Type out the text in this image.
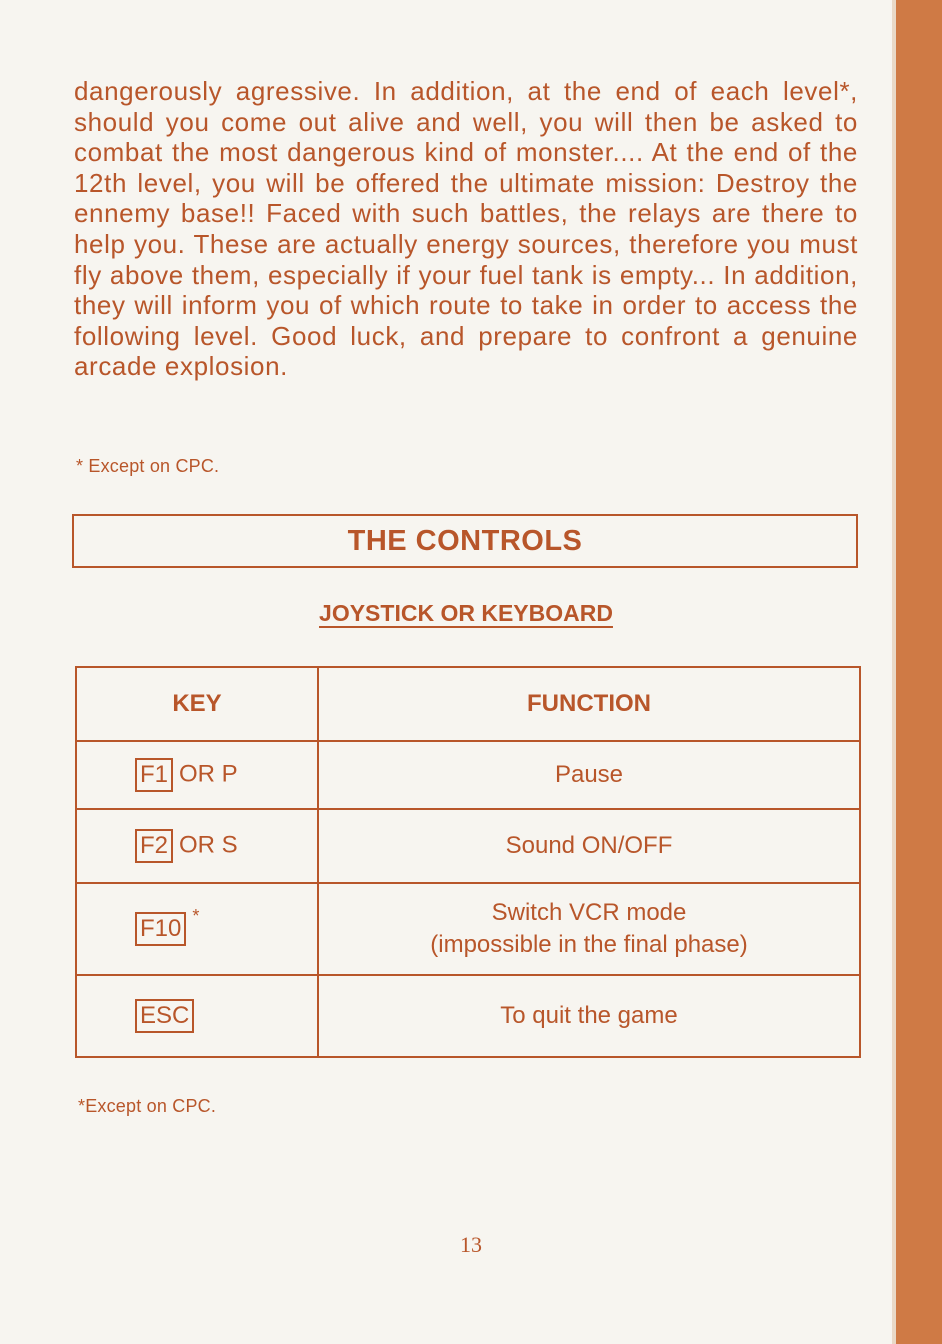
dangerously agressive. In addition, at the end of each level*, should you come out alive and well, you will then be asked to combat the most dangerous kind of monster.... At the end of the 12th level, you will be offered the ultimate mission: Destroy the ennemy base!! Faced with such battles, the relays are there to help you. These are actually energy sources, therefore you must fly above them, especially if your fuel tank is empty... In addition, they will inform you of which route to take in order to access the following level. Good luck, and prepare to confront a genuine arcade explosion.
* Except on CPC.
THE CONTROLS
JOYSTICK OR KEYBOARD
KEY	FUNCTION
F1 OR P	Pause
F2 OR S	Sound ON/OFF
F10 *	Switch VCR mode
(impossible in the final phase)

ESC	To quit the game
*Except on CPC.
13
